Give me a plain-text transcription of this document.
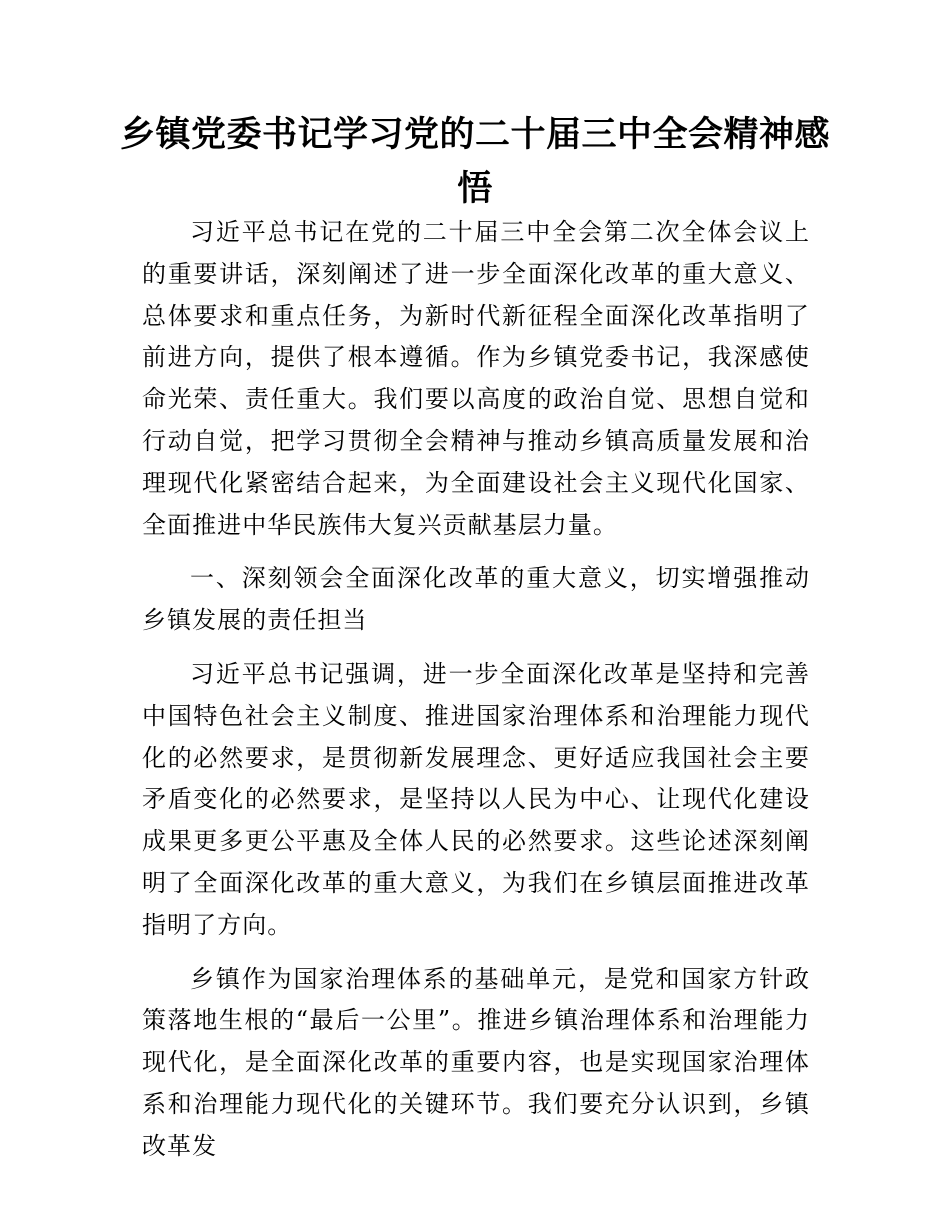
乡镇党委书记学习党的二十届三中全会精神感悟

习近平总书记在党的二十届三中全会第二次全体会议上的重要讲话，深刻阐述了进一步全面深化改革的重大意义、总体要求和重点任务，为新时代新征程全面深化改革指明了前进方向，提供了根本遵循。作为乡镇党委书记，我深感使命光荣、责任重大。我们要以高度的政治自觉、思想自觉和行动自觉，把学习贯彻全会精神与推动乡镇高质量发展和治理现代化紧密结合起来，为全面建设社会主义现代化国家、全面推进中华民族伟大复兴贡献基层力量。

一、深刻领会全面深化改革的重大意义，切实增强推动乡镇发展的责任担当

习近平总书记强调，进一步全面深化改革是坚持和完善中国特色社会主义制度、推进国家治理体系和治理能力现代化的必然要求，是贯彻新发展理念、更好适应我国社会主要矛盾变化的必然要求，是坚持以人民为中心、让现代化建设成果更多更公平惠及全体人民的必然要求。这些论述深刻阐明了全面深化改革的重大意义，为我们在乡镇层面推进改革指明了方向。

乡镇作为国家治理体系的基础单元，是党和国家方针政策落地生根的“最后一公里”。推进乡镇治理体系和治理能力现代化，是全面深化改革的重要内容，也是实现国家治理体系和治理能力现代化的关键环节。我们要充分认识到，乡镇改革发
